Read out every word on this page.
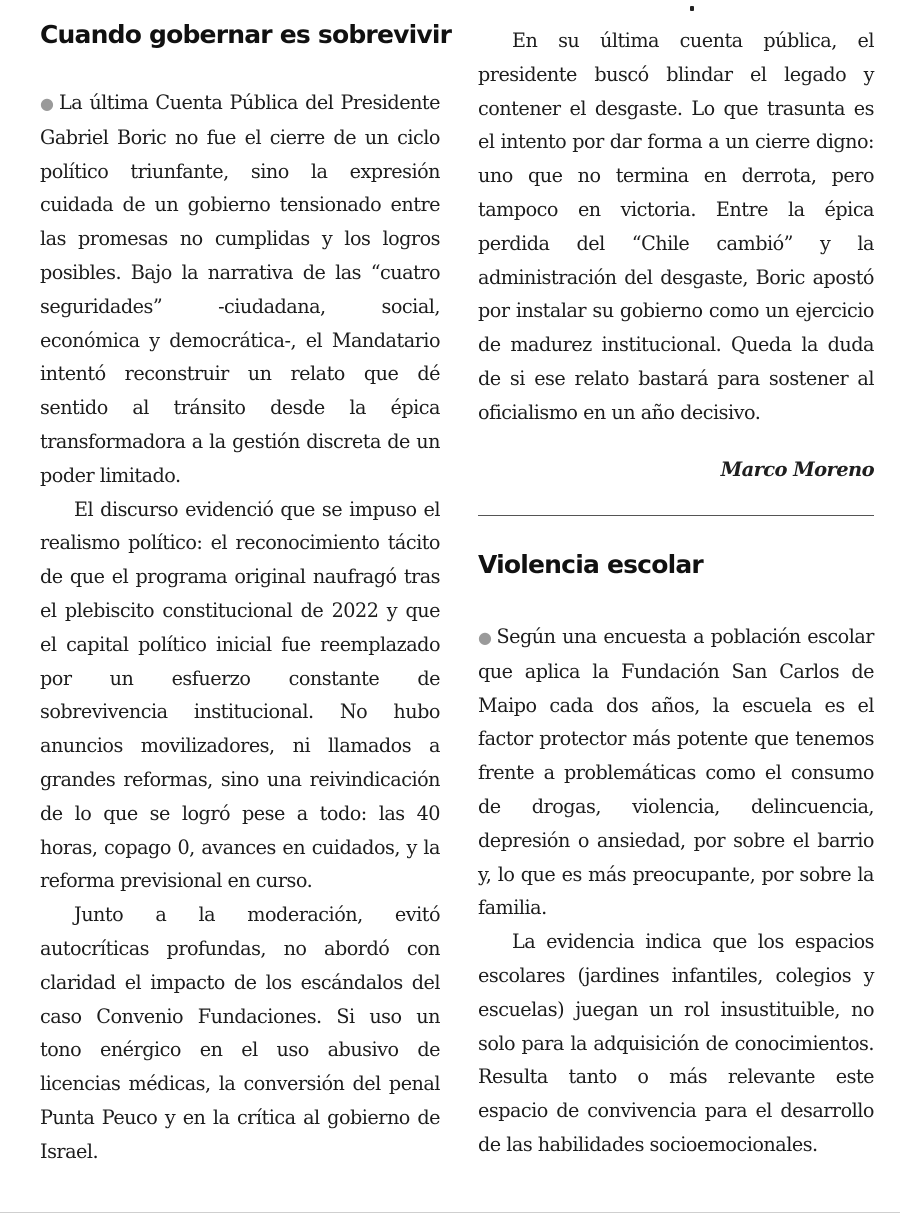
Cuando gobernar es sobrevivir

● La última Cuenta Pública del Presidente Gabriel Boric no fue el cierre de un ciclo político triunfante, sino la expresión cuidada de un gobierno tensionado entre las promesas no cumplidas y los logros posibles. Bajo la narrativa de las “cuatro seguridades” -ciudadana, social, económica y democrática-, el Mandatario intentó reconstruir un relato que dé sentido al tránsito desde la épica transformadora a la gestión discreta de un poder limitado.

El discurso evidenció que se impuso el realismo político: el reconocimiento tácito de que el programa original naufragó tras el plebiscito constitucional de 2022 y que el capital político inicial fue reemplazado por un esfuerzo constante de sobrevivencia institucional. No hubo anuncios movilizadores, ni llamados a grandes reformas, sino una reivindicación de lo que se logró pese a todo: las 40 horas, copago 0, avances en cuidados, y la reforma previsional en curso.

Junto a la moderación, evitó autocríticas profundas, no abordó con claridad el impacto de los escándalos del caso Convenio Fundaciones. Si uso un tono enérgico en el uso abusivo de licencias médicas, la conversión del penal Punta Peuco y en la crítica al gobierno de Israel.

En su última cuenta pública, el presidente buscó blindar el legado y contener el desgaste. Lo que trasunta es el intento por dar forma a un cierre digno: uno que no termina en derrota, pero tampoco en victoria. Entre la épica perdida del “Chile cambió” y la administración del desgaste, Boric apostó por instalar su gobierno como un ejercicio de madurez institucional. Queda la duda de si ese relato bastará para sostener al oficialismo en un año decisivo.

Marco Moreno

Violencia escolar

● Según una encuesta a población escolar que aplica la Fundación San Carlos de Maipo cada dos años, la escuela es el factor protector más potente que tenemos frente a problemáticas como el consumo de drogas, violencia, delincuencia, depresión o ansiedad, por sobre el barrio y, lo que es más preocupante, por sobre la familia.

La evidencia indica que los espacios escolares (jardines infantiles, colegios y escuelas) juegan un rol insustituible, no solo para la adquisición de conocimientos. Resulta tanto o más relevante este espacio de convivencia para el desarrollo de las habilidades socioemocionales.
